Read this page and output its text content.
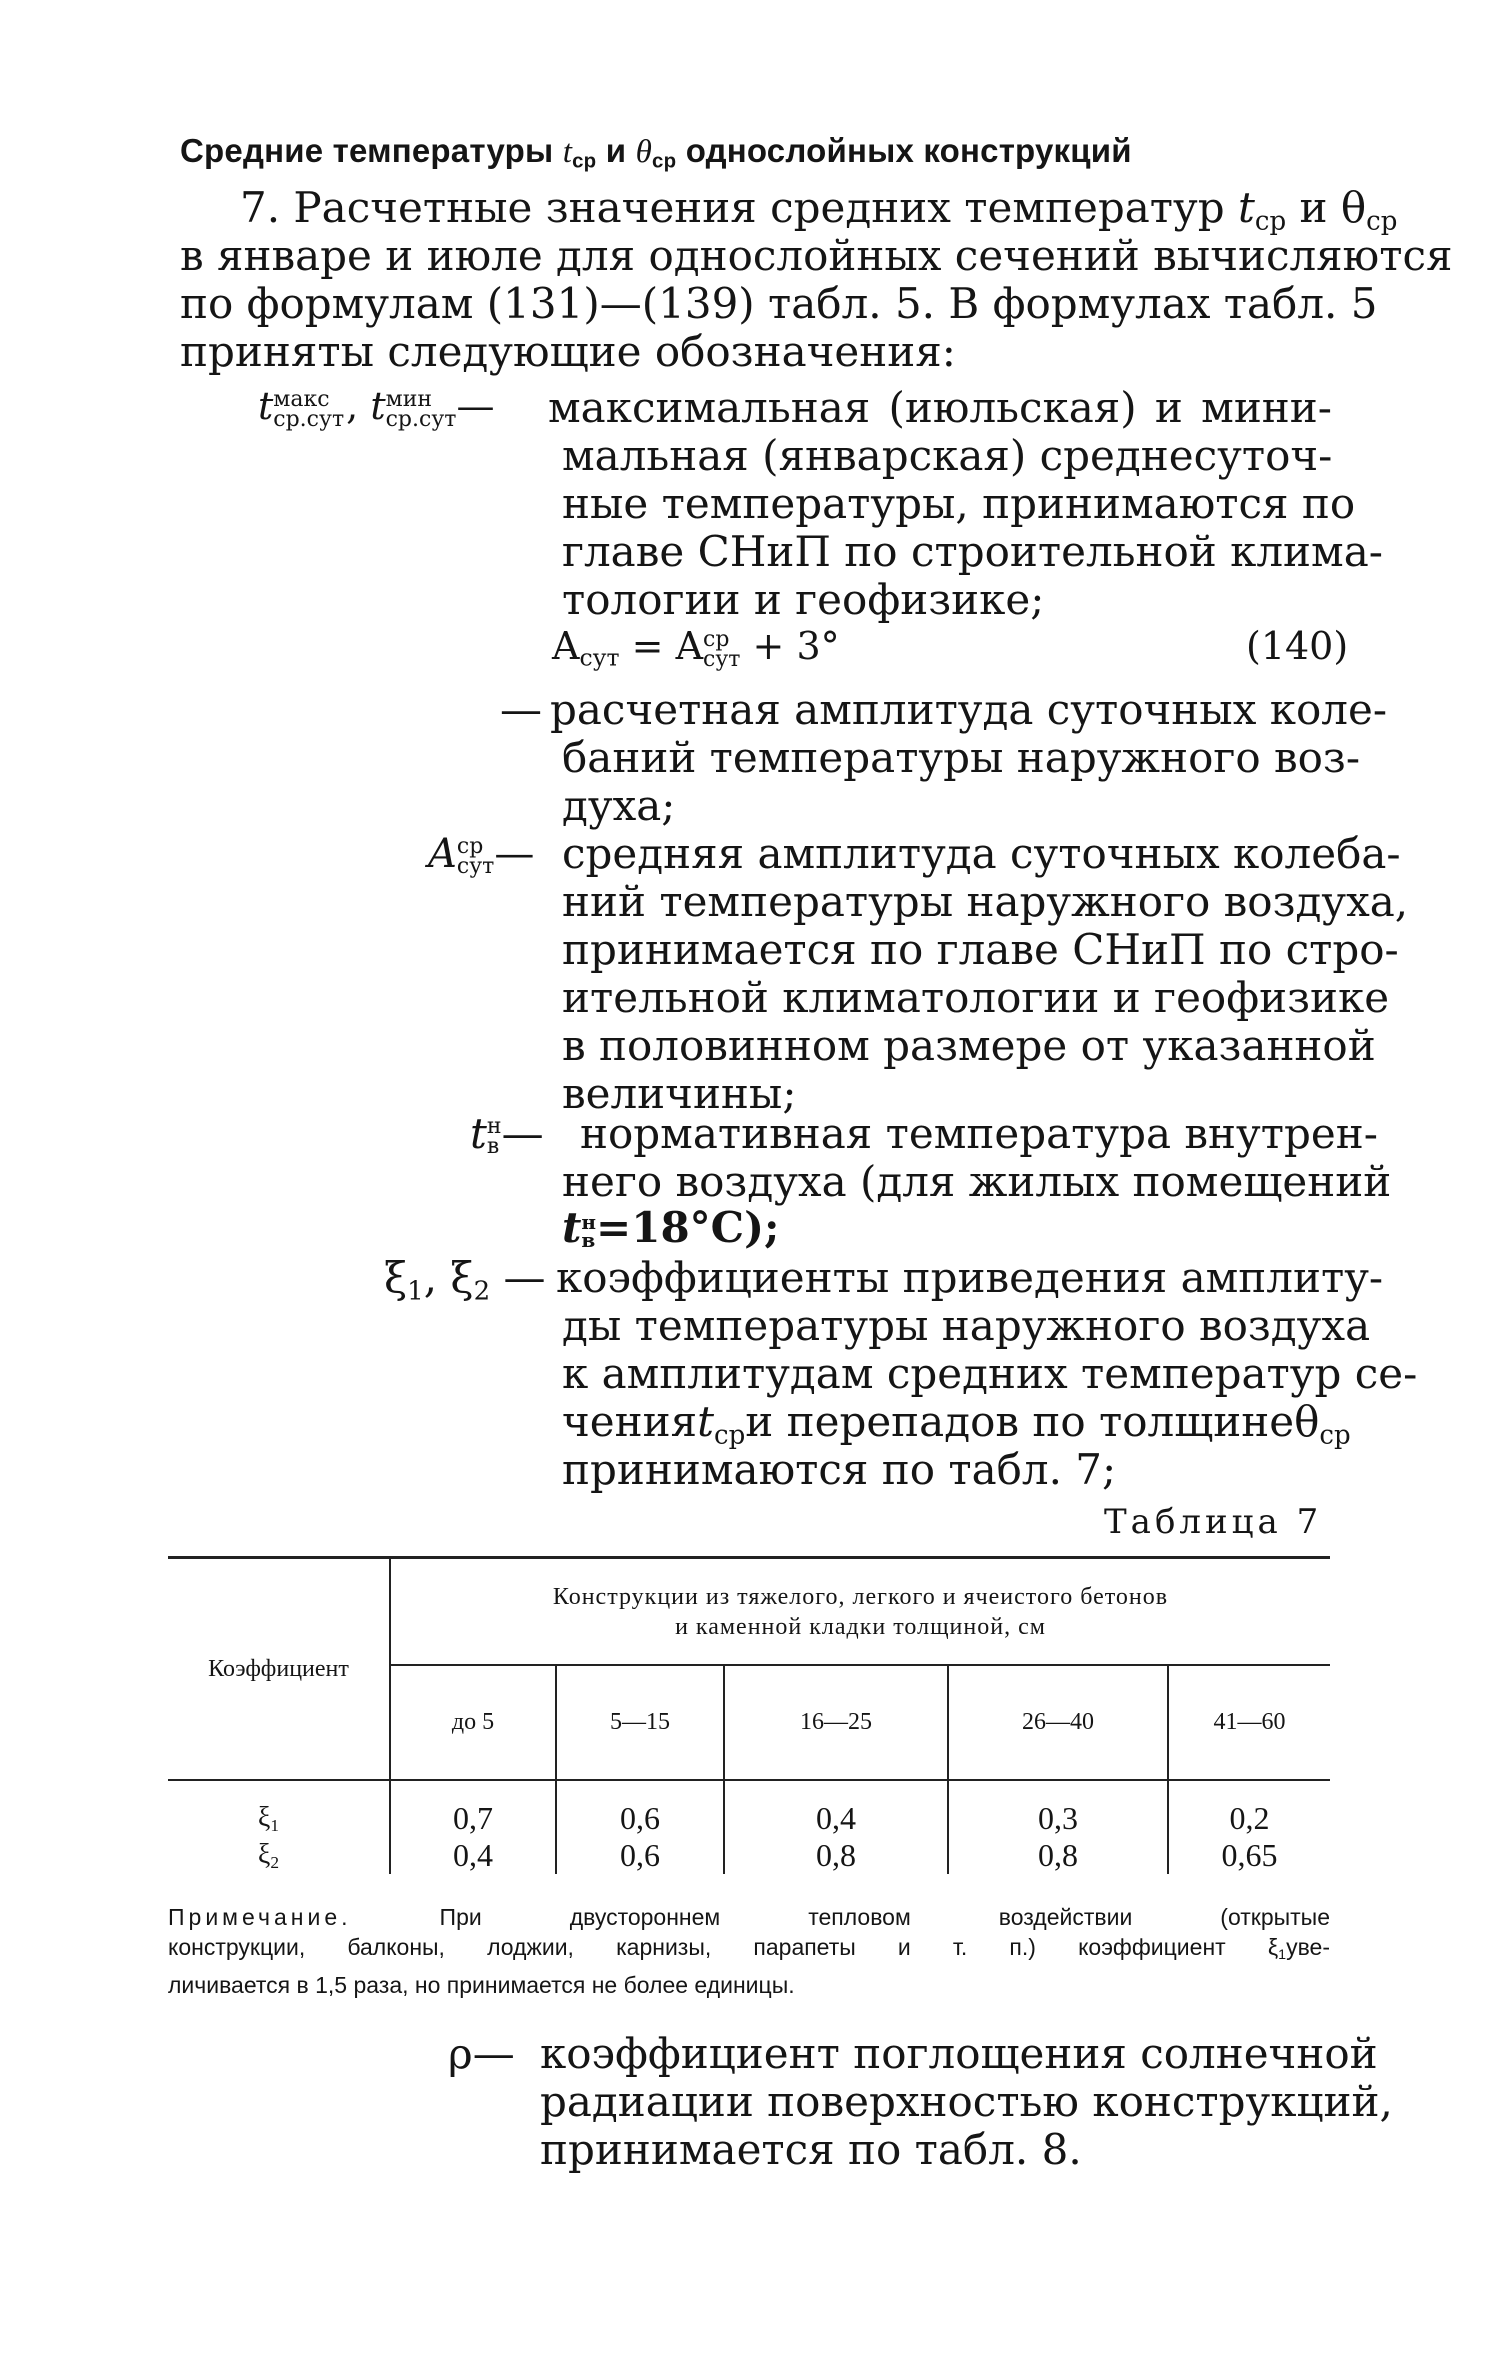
Средние температуры $t_{ср}$ и $\theta_{ср}$ однослойных конструкций
7. Расчетные значения средних температур $t_{ср}$ и $\theta_{ср}$
в январе и июле для однослойных сечений вычисляются
по формулам (131)—(139) табл. 5. В формулах табл. 5
приняты следующие обозначения:
tмакс
ср.сут, tмин
ср.сут— максимальная (июльская) и мини-
мальная (январская) среднесуточ-
ные температуры, принимаются по
главе СНиП по строительной клима-
тологии и геофизике;
$A_{сут}$ = Aср
сут + 3°	(140)
— расчетная амплитуда суточных коле-
баний температуры наружного воз-
духа;
Aср
сут— средняя амплитуда суточных колеба-
ний температуры наружного воздуха,
принимается по главе СНиП по стро-
ительной климатологии и геофизике
в половинном размере от указанной
величины;
tн
в— нормативная температура внутрен-
него воздуха (для жилых помещений
tн
в=18°С);
$\xi_1$, $\xi_2$ — коэффициенты приведения амплиту-
ды температуры наружного воздуха
к амплитудам средних температур се-
чения $t_{ср}$ и перепадов по толщине $\theta_{ср}$
принимаются по табл. 7;
Таблица 7
Коэффициент	Конструкции из тяжелого, легкого и ячеистого бетонов
и каменной кладки толщиной, см				
	до 5	5—15	16—25	26—40	41—60

$\xi_1$	0,7	0,6	0,4	0,3	0,2
$\xi_2$	0,4	0,6	0,8	0,8	0,65
Примечание.	При двустороннем тепловом воздействии (открытые
конструкции, балконы, лоджии, карнизы, парапеты и т. п.) коэффициент $\xi_1уве-$
личивается в 1,5 раза, но принимается не более единицы.
ρ— коэффициент поглощения солнечной
радиации поверхностью конструкций,
принимается по табл. 8.
